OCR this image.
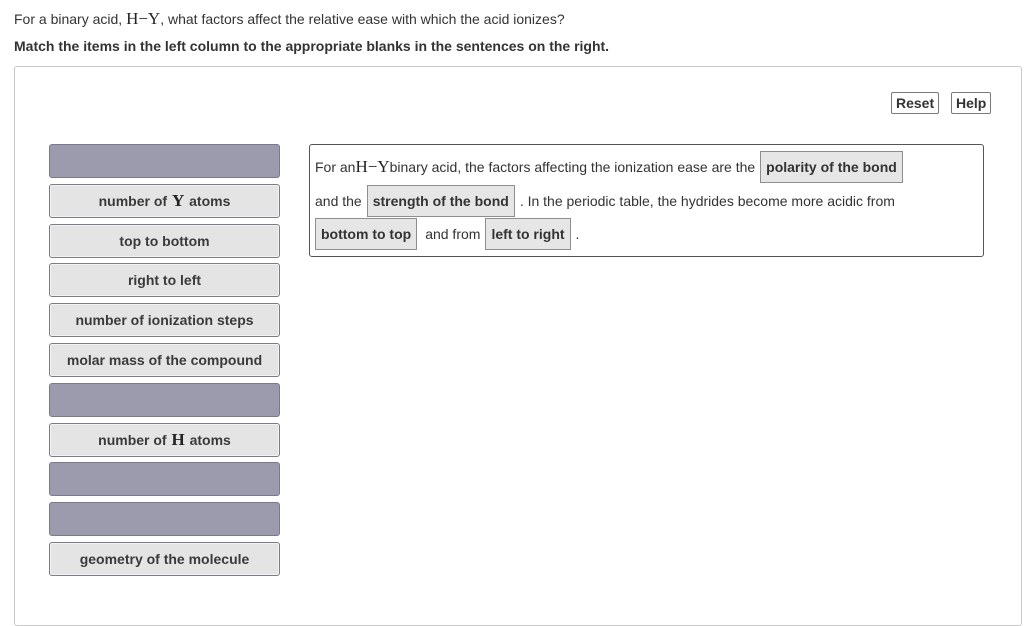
For a binary acid, H−Y, what factors affect the relative ease with which the acid ionizes?
Match the items in the left column to the appropriate blanks in the sentences on the right.
Reset	Help
number of Y atoms
top to bottom
right to left
number of ionization steps
molar mass of the compound
number of H atoms
geometry of the molecule
For an H−Y binary acid, the factors affecting the ionization ease are the polarity of the bond
and the strength of the bond . In the periodic table, the hydrides become more acidic from
bottom to top	and from left to right .
